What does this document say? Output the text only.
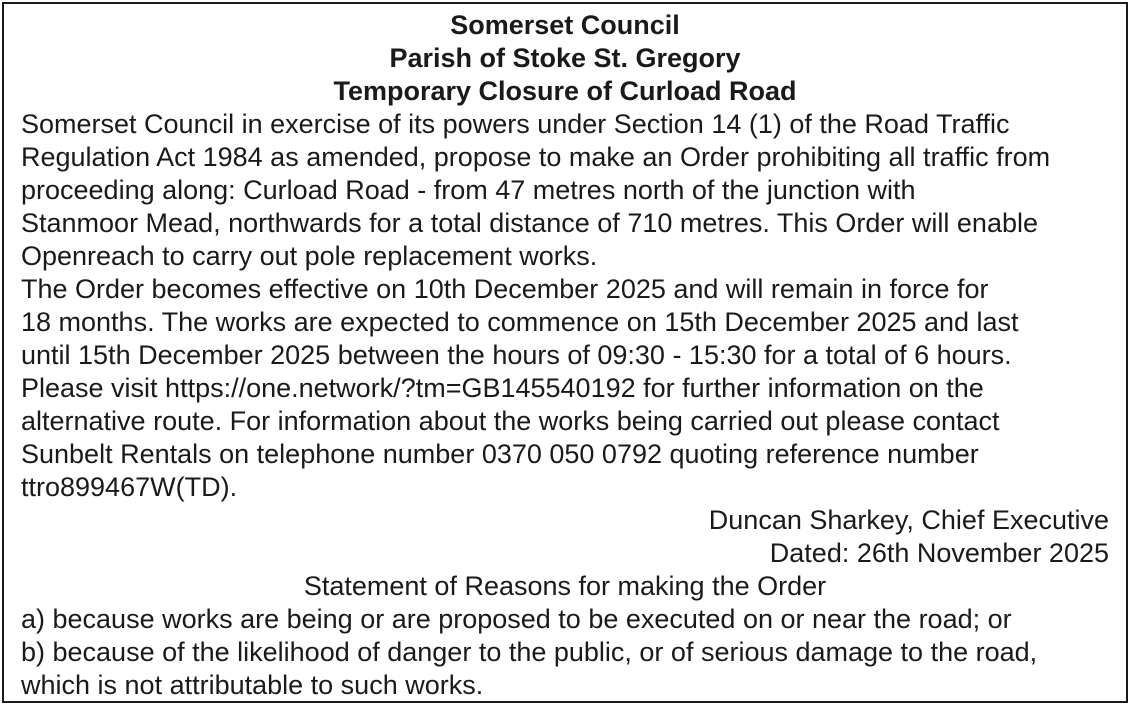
Somerset Council
Parish of Stoke St. Gregory
Temporary Closure of Curload Road
Somerset Council in exercise of its powers under Section 14 (1) of the Road Traffic
Regulation Act 1984 as amended, propose to make an Order prohibiting all traffic from
proceeding along: Curload Road - from 47 metres north of the junction with
Stanmoor Mead, northwards for a total distance of 710 metres. This Order will enable
Openreach to carry out pole replacement works.
The Order becomes effective on 10th December 2025 and will remain in force for
18 months. The works are expected to commence on 15th December 2025 and last
until 15th December 2025 between the hours of 09:30 - 15:30 for a total of 6 hours.
Please visit https://one.network/?tm=GB145540192 for further information on the
alternative route. For information about the works being carried out please contact
Sunbelt Rentals on telephone number 0370 050 0792 quoting reference number
ttro899467W(TD).
Duncan Sharkey, Chief Executive
Dated: 26th November 2025
Statement of Reasons for making the Order
a) because works are being or are proposed to be executed on or near the road; or
b) because of the likelihood of danger to the public, or of serious damage to the road,
which is not attributable to such works.
